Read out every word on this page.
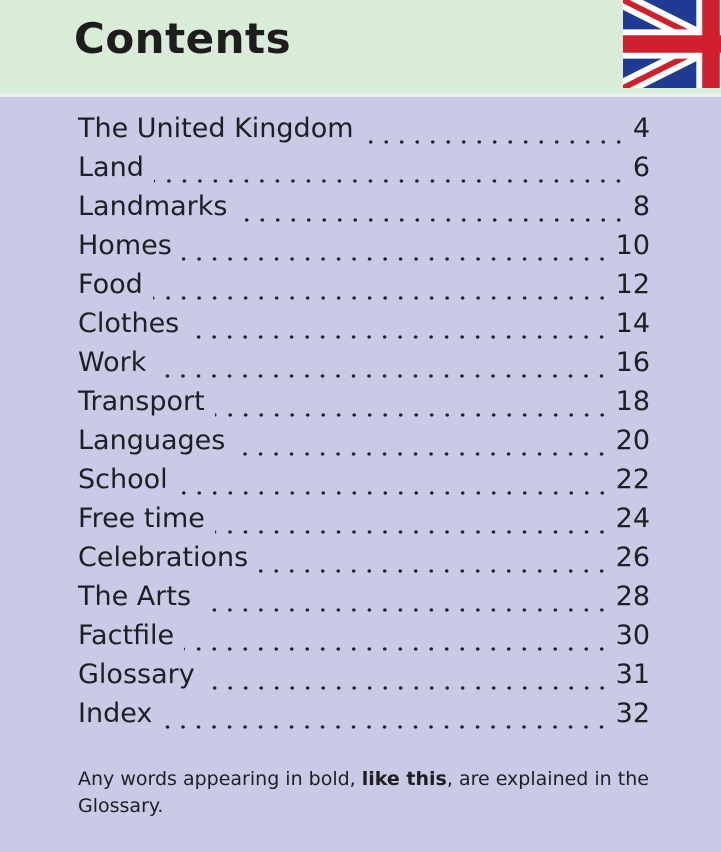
Contents
The United Kingdom	4
Land	6
Landmarks	8
Homes	10
Food	12
Clothes	14
Work	16
Transport	18
Languages	20
School	22
Free time	24
Celebrations	26
The Arts	28
Factfile	30
Glossary	31
Index	32

Any words appearing in bold, like this, are explained in the Glossary.
